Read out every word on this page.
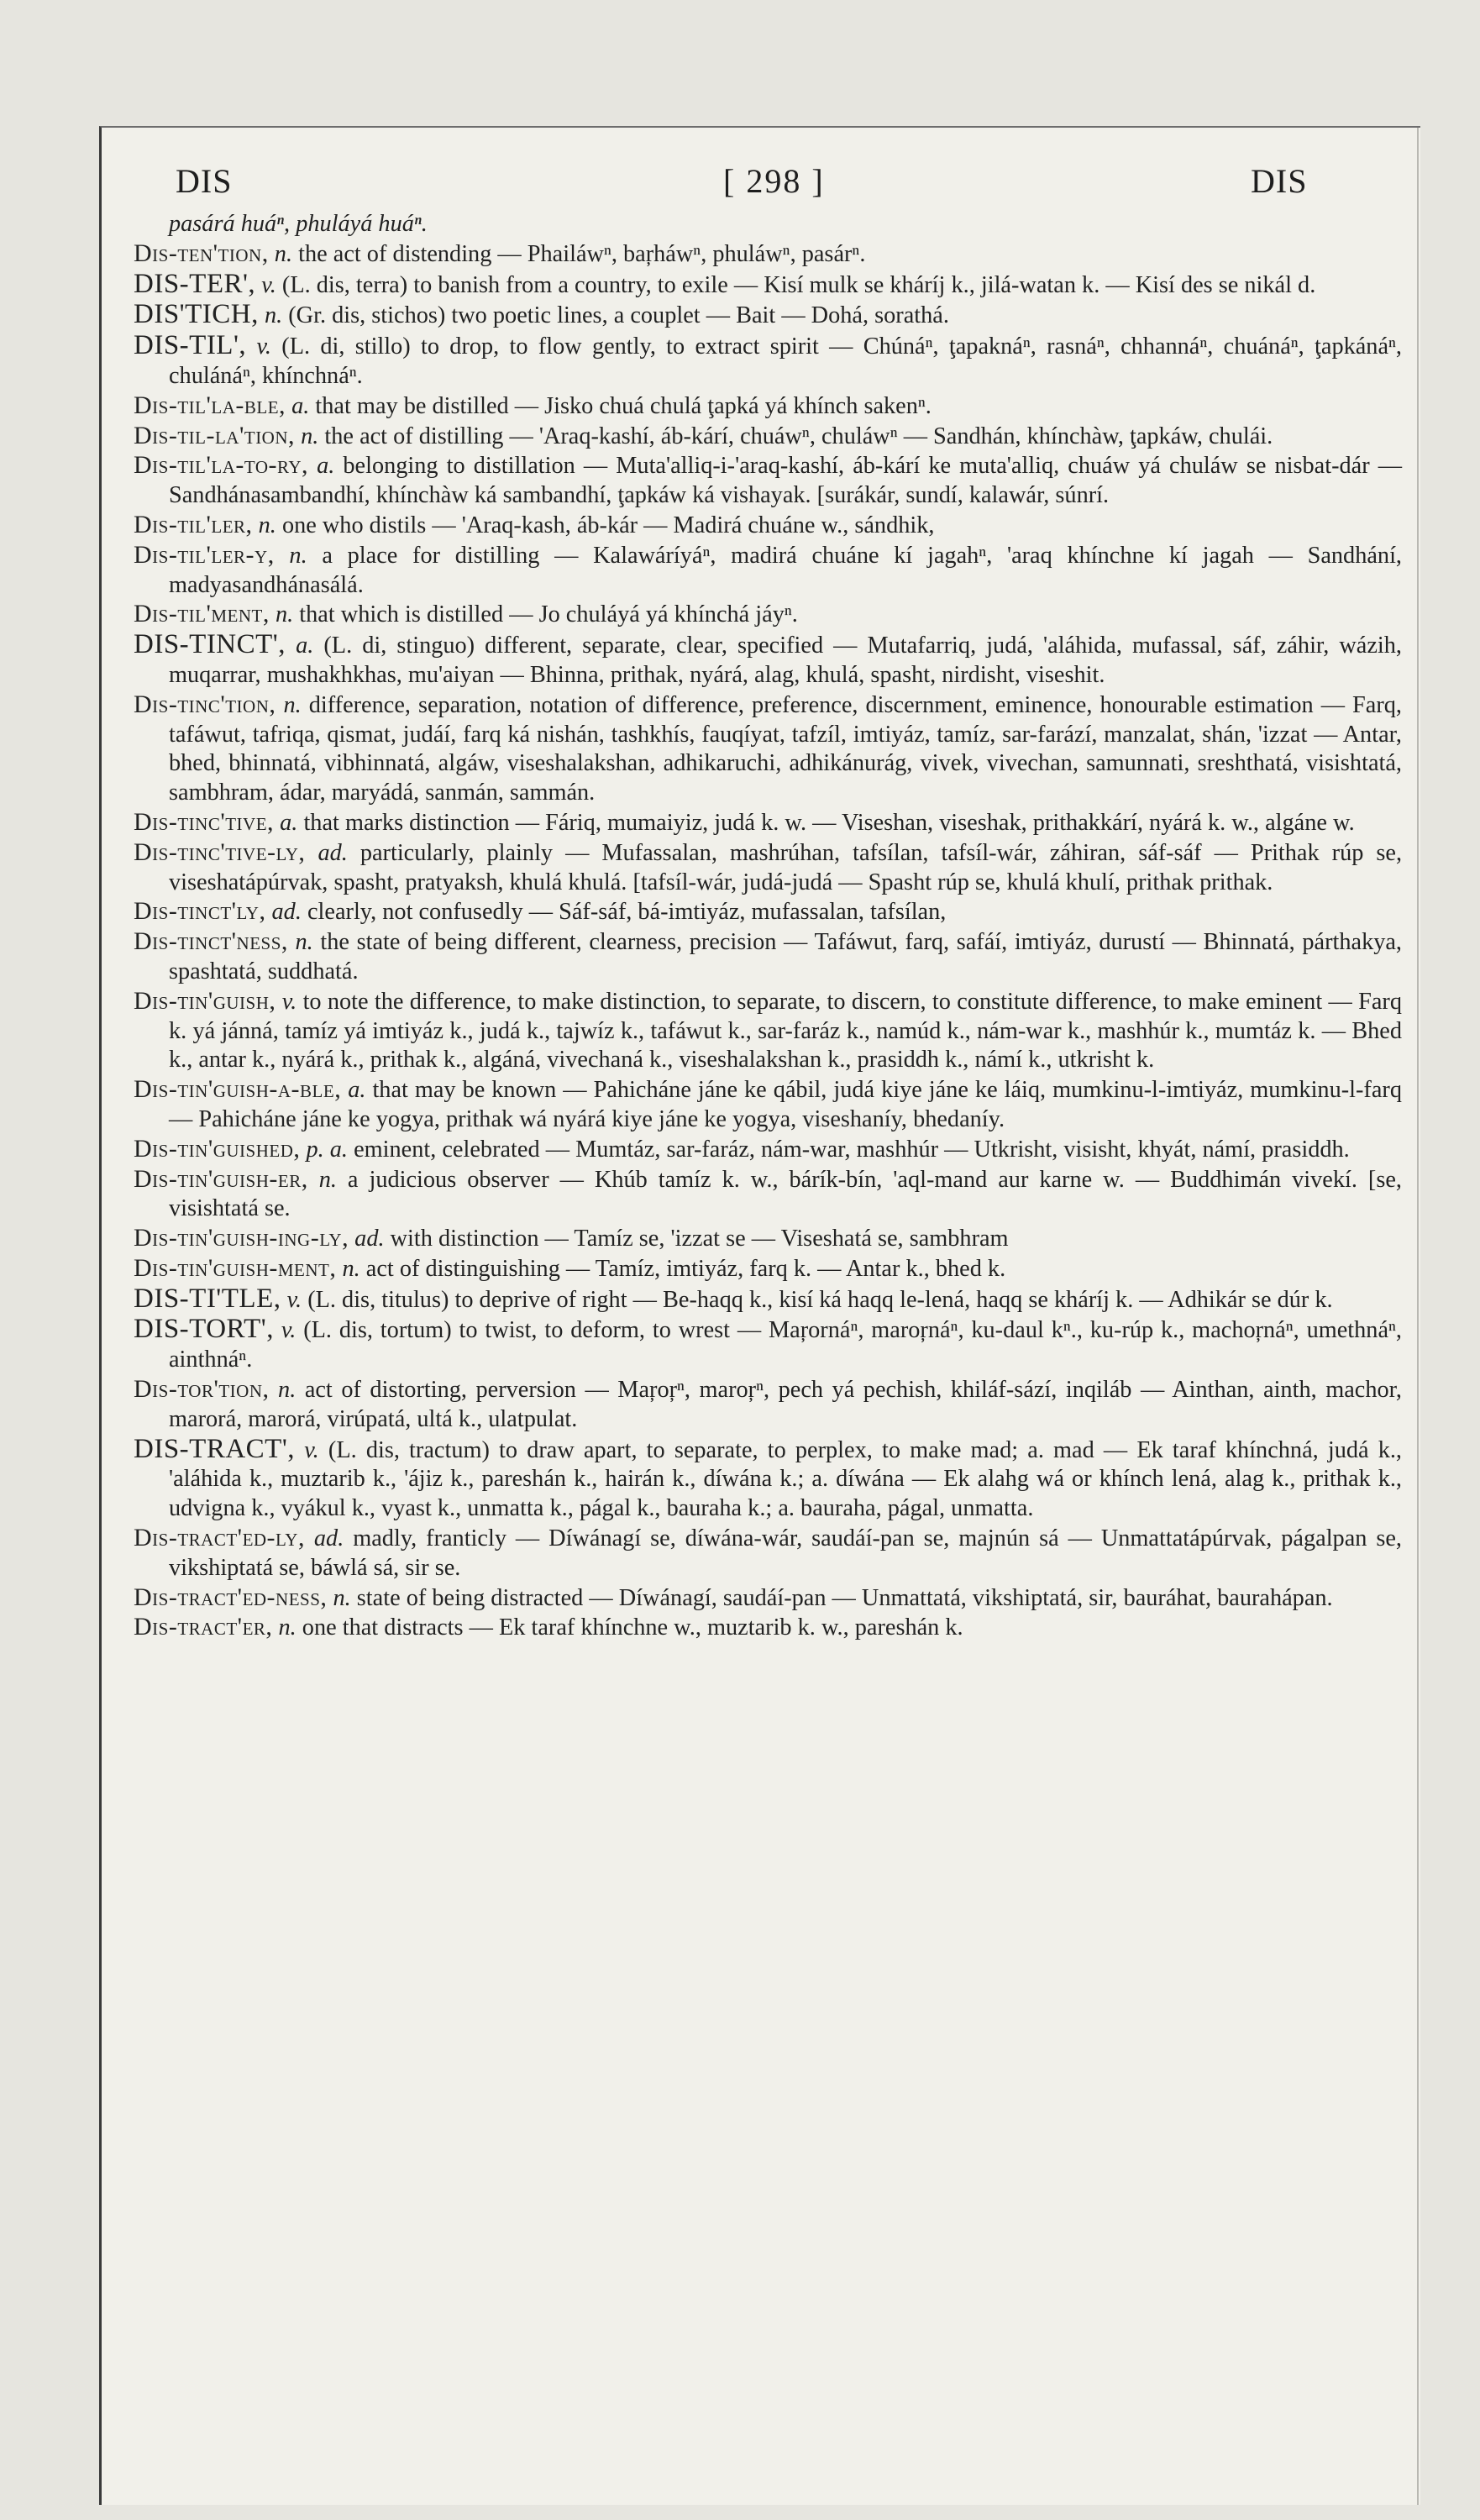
DIS	[ 298 ]	DIS

pasárá huáⁿ, phuláyá huáⁿ.

Dis-ten'tion, n. the act of distending — Phailáwⁿ, baŗháwⁿ, phuláwⁿ, pasárⁿ.

DIS-TER', v. (L. dis, terra) to banish from a country, to exile — Kisí mulk se kháríj k., jilá-watan k. — Kisí des se nikál d.

DIS'TICH, n. (Gr. dis, stichos) two poetic lines, a couplet — Bait — Dohá, sorathá.

DIS-TIL', v. (L. di, stillo) to drop, to flow gently, to extract spirit — Chúnáⁿ, ţapaknáⁿ, rasnáⁿ, chhannáⁿ, chuánáⁿ, ţapkánáⁿ, chulánáⁿ, khínchnáⁿ.

Dis-til'la-ble, a. that may be distilled — Jisko chuá chulá ţapká yá khínch sakenⁿ.

Dis-til-la'tion, n. the act of distilling — 'Araq-kashí, áb-kárí, chuáwⁿ, chuláwⁿ — Sandhán, khínchàw, ţapkáw, chulái.

Dis-til'la-to-ry, a. belonging to distillation — Muta'alliq-i-'araq-kashí, áb-kárí ke muta'alliq, chuáw yá chuláw se nisbat-dár — Sandhánasambandhí, khínchàw ká sambandhí, ţapkáw ká vishayak. [surákár, sundí, kalawár, súnrí.

Dis-til'ler, n. one who distils — 'Araq-kash, áb-kár — Madirá chuáne w., sándhik,

Dis-til'ler-y, n. a place for distilling — Kalawáríyáⁿ, madirá chuáne kí jagahⁿ, 'araq khínchne kí jagah — Sandhání, madyasandhánasálá.

Dis-til'ment, n. that which is distilled — Jo chuláyá yá khínchá jáyⁿ.

DIS-TINCT', a. (L. di, stinguo) different, separate, clear, specified — Mutafarriq, judá, 'aláhida, mufassal, sáf, záhir, wázih, muqarrar, mushakhkhas, mu'aiyan — Bhinna, prithak, nyárá, alag, khulá, spasht, nirdisht, viseshit.

Dis-tinc'tion, n. difference, separation, notation of difference, preference, discernment, eminence, honourable estimation — Farq, tafáwut, tafriqa, qismat, judáí, farq ká nishán, tashkhís, fauqíyat, tafzíl, imtiyáz, tamíz, sar-farází, manzalat, shán, 'izzat — Antar, bhed, bhinnatá, vibhinnatá, algáw, viseshalakshan, adhikaruchi, adhikánurág, vivek, vivechan, samunnati, sreshthatá, visishtatá, sambhram, ádar, maryádá, sanmán, sammán.

Dis-tinc'tive, a. that marks distinction — Fáriq, mumaiyiz, judá k. w. — Viseshan, viseshak, prithakkárí, nyárá k. w., algáne w.

Dis-tinc'tive-ly, ad. particularly, plainly — Mufassalan, mashrúhan, tafsílan, tafsíl-wár, záhiran, sáf-sáf — Prithak rúp se, viseshatápúrvak, spasht, pratyaksh, khulá khulá. [tafsíl-wár, judá-judá — Spasht rúp se, khulá khulí, prithak prithak.

Dis-tinct'ly, ad. clearly, not confusedly — Sáf-sáf, bá-imtiyáz, mufassalan, tafsílan,

Dis-tinct'ness, n. the state of being different, clearness, precision — Tafáwut, farq, safáí, imtiyáz, durustí — Bhinnatá, párthakya, spashtatá, suddhatá.

Dis-tin'guish, v. to note the difference, to make distinction, to separate, to discern, to constitute difference, to make eminent — Farq k. yá jánná, tamíz yá imtiyáz k., judá k., tajwíz k., tafáwut k., sar-faráz k., namúd k., nám-war k., mashhúr k., mumtáz k. — Bhed k., antar k., nyárá k., prithak k., algáná, vivechaná k., viseshalakshan k., prasiddh k., námí k., utkrisht k.

Dis-tin'guish-a-ble, a. that may be known — Pahicháne jáne ke qábil, judá kiye jáne ke láiq, mumkinu-l-imtiyáz, mumkinu-l-farq — Pahicháne jáne ke yogya, prithak wá nyárá kiye jáne ke yogya, viseshaníy, bhedaníy.

Dis-tin'guished, p. a. eminent, celebrated — Mumtáz, sar-faráz, nám-war, mashhúr — Utkrisht, visisht, khyát, námí, prasiddh.

Dis-tin'guish-er, n. a judicious observer — Khúb tamíz k. w., bárík-bín, 'aql-mand aur karne w. — Buddhimán vivekí. [se, visishtatá se.

Dis-tin'guish-ing-ly, ad. with distinction — Tamíz se, 'izzat se — Viseshatá se, sambhram

Dis-tin'guish-ment, n. act of distinguishing — Tamíz, imtiyáz, farq k. — Antar k., bhed k.

DIS-TI'TLE, v. (L. dis, titulus) to deprive of right — Be-haqq k., kisí ká haqq le-lená, haqq se kháríj k. — Adhikár se dúr k.

DIS-TORT', v. (L. dis, tortum) to twist, to deform, to wrest — Maŗornáⁿ, maroŗnáⁿ, ku-daul kⁿ., ku-rúp k., machoŗnáⁿ, umethnáⁿ, ainthnáⁿ.

Dis-tor'tion, n. act of distorting, perversion — Maŗoŗⁿ, maroŗⁿ, pech yá pechish, khiláf-sází, inqiláb — Ainthan, ainth, machor, marorá, marorá, virúpatá, ultá k., ulatpulat.

DIS-TRACT', v. (L. dis, tractum) to draw apart, to separate, to perplex, to make mad; a. mad — Ek taraf khínchná, judá k., 'aláhida k., muztarib k., 'ájiz k., pareshán k., hairán k., díwána k.; a. díwána — Ek alahg wá or khínch lená, alag k., prithak k., udvigna k., vyákul k., vyast k., unmatta k., págal k., bauraha k.; a. bauraha, págal, unmatta.

Dis-tract'ed-ly, ad. madly, franticly — Díwánagí se, díwána-wár, saudáí-pan se, majnún sá — Unmattatápúrvak, págalpan se, vikshiptatá se, báwlá sá, sir se.

Dis-tract'ed-ness, n. state of being distracted — Díwánagí, saudáí-pan — Unmattatá, vikshiptatá, sir, bauráhat, baurahápan.

Dis-tract'er, n. one that distracts — Ek taraf khínchne w., muztarib k. w., pareshán k.
